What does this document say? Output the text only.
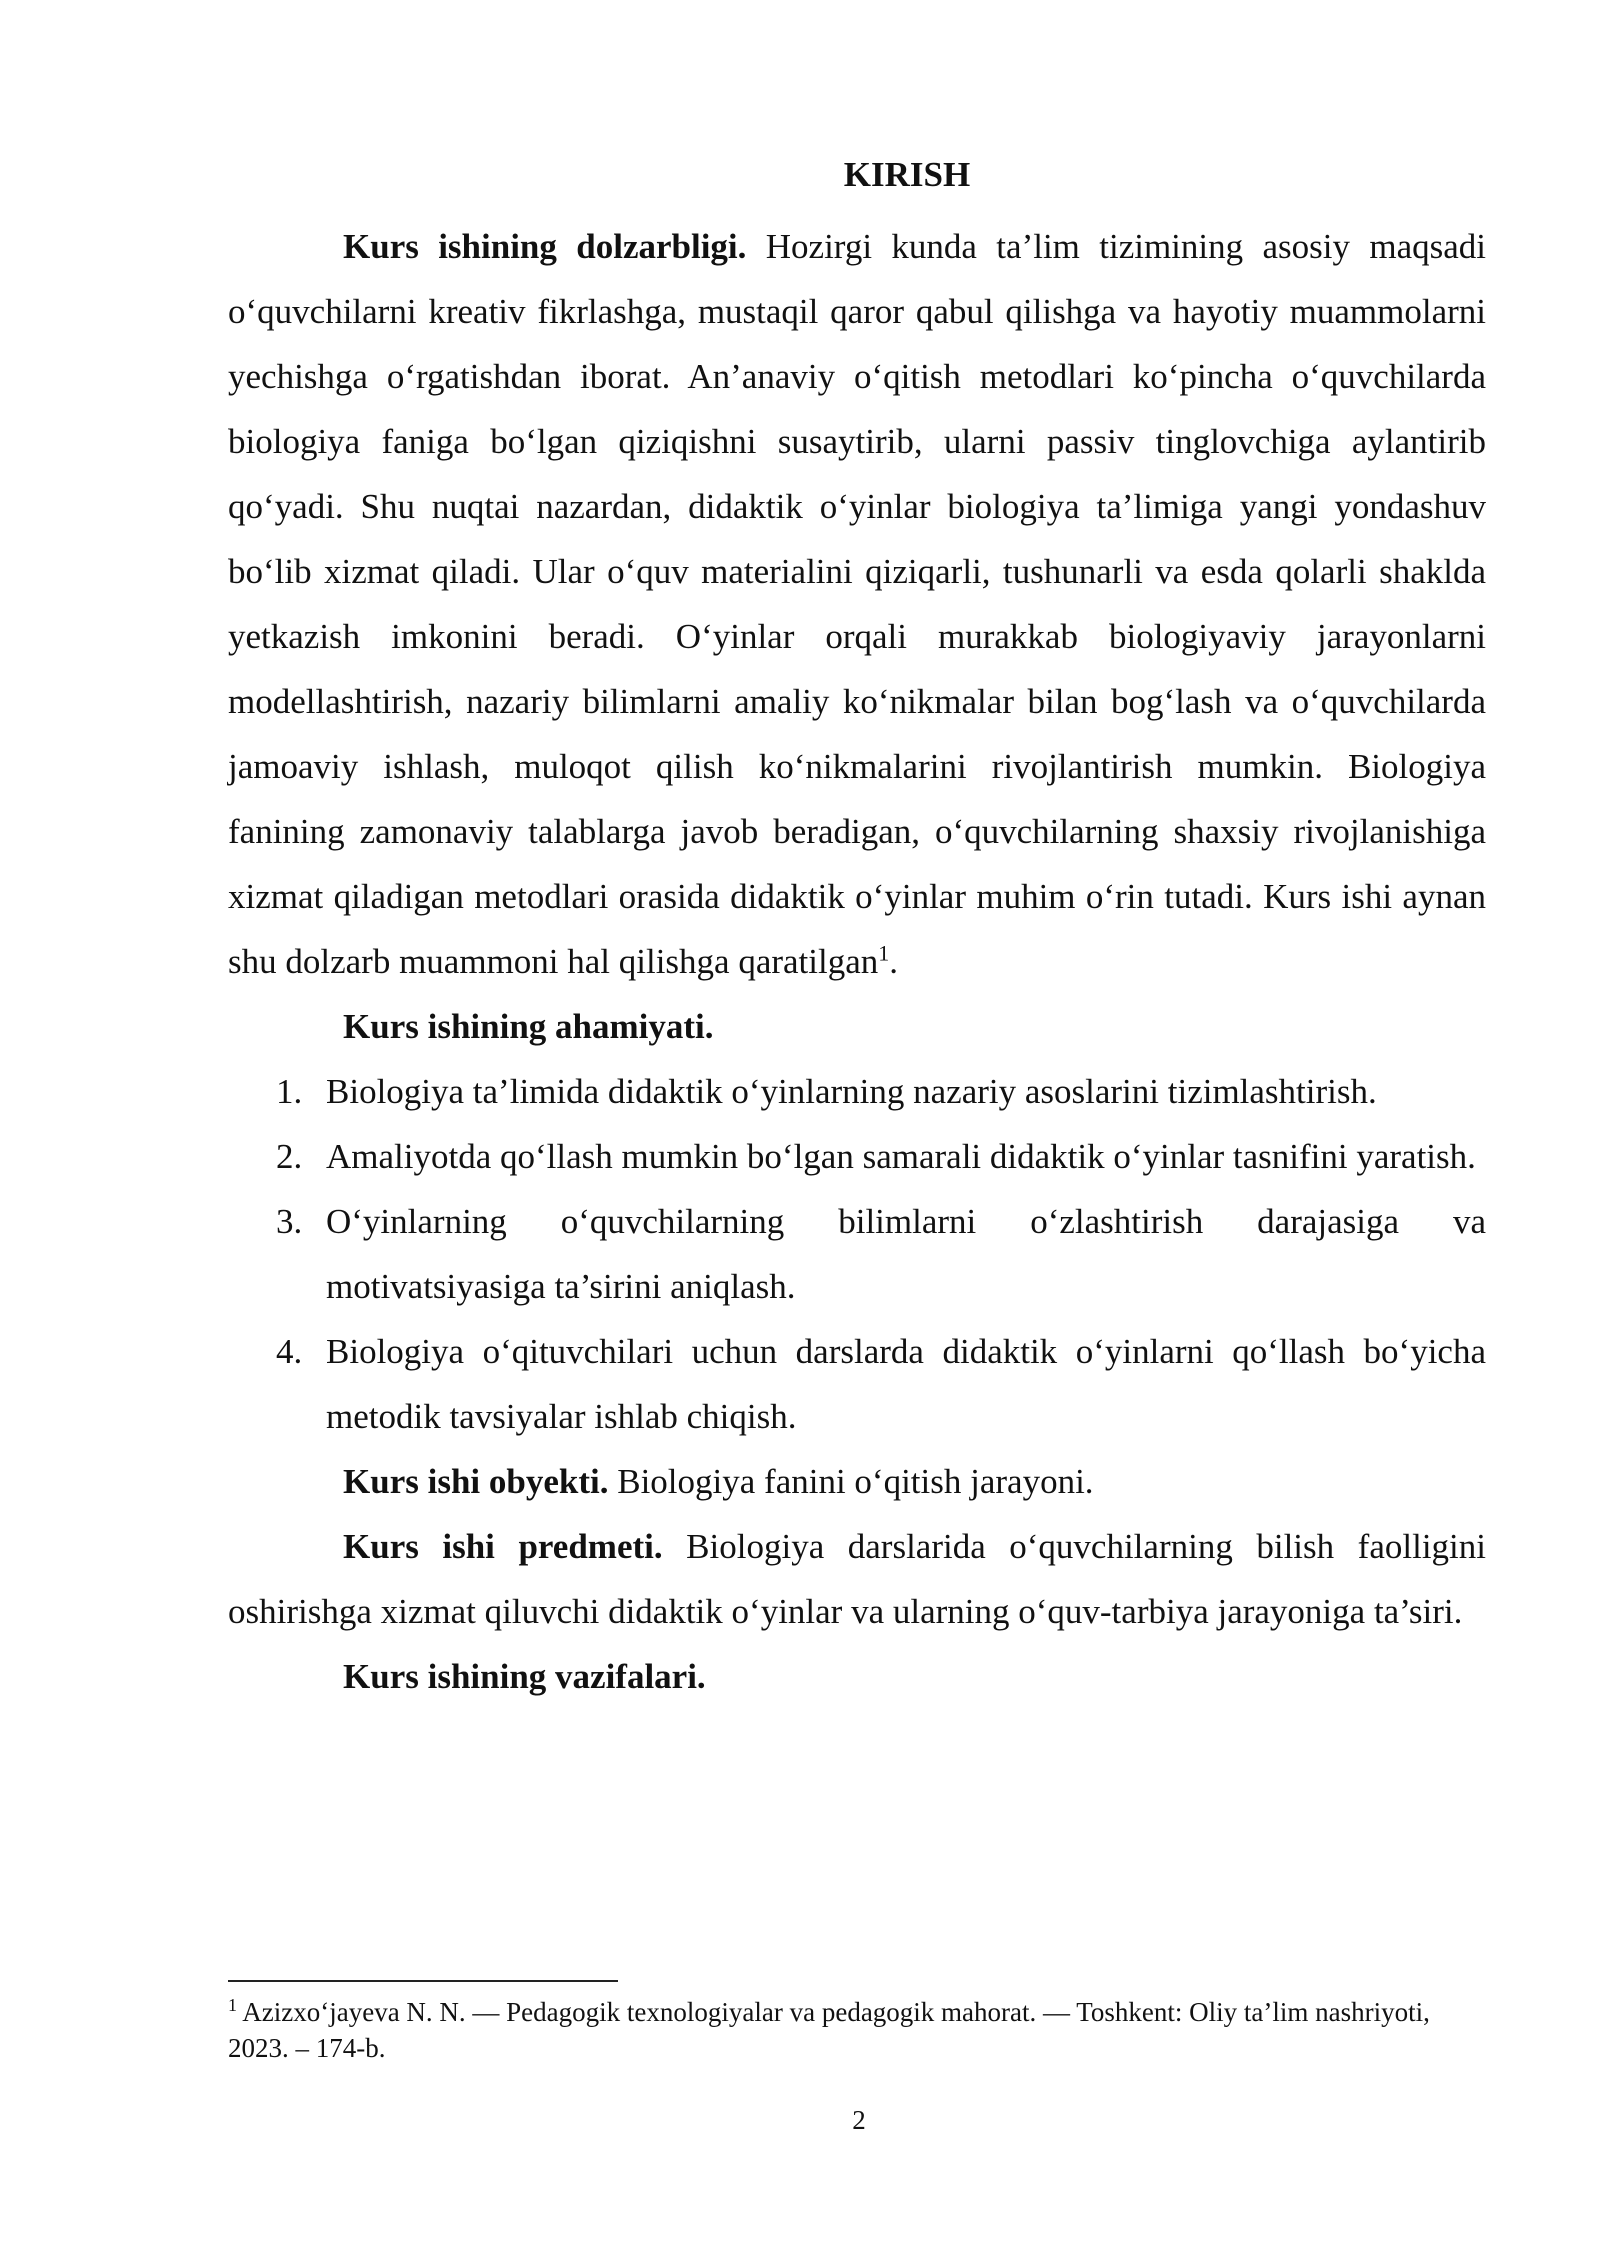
KIRISH

Kurs ishining dolzarbligi. Hozirgi kunda ta’lim tizimining asosiy maqsadi o‘quvchilarni kreativ fikrlashga, mustaqil qaror qabul qilishga va hayotiy muammolarni yechishga o‘rgatishdan iborat. An’anaviy o‘qitish metodlari ko‘pincha o‘quvchilarda biologiya faniga bo‘lgan qiziqishni susaytirib, ularni passiv tinglovchiga aylantirib qo‘yadi. Shu nuqtai nazardan, didaktik o‘yinlar biologiya ta’limiga yangi yondashuv bo‘lib xizmat qiladi. Ular o‘quv materialini qiziqarli, tushunarli va esda qolarli shaklda yetkazish imkonini beradi. O‘yinlar orqali murakkab biologiyaviy jarayonlarni modellashtirish, nazariy bilimlarni amaliy ko‘nikmalar bilan bog‘lash va o‘quvchilarda jamoaviy ishlash, muloqot qilish ko‘nikmalarini rivojlantirish mumkin. Biologiya fanining zamonaviy talablarga javob beradigan, o‘quvchilarning shaxsiy rivojlanishiga xizmat qiladigan metodlari orasida didaktik o‘yinlar muhim o‘rin tutadi. Kurs ishi aynan shu dolzarb muammoni hal qilishga qaratilgan$^1$.

Kurs ishining ahamiyati.

1. Biologiya ta’limida didaktik o‘yinlarning nazariy asoslarini tizimlashtirish.
2. Amaliyotda qo‘llash mumkin bo‘lgan samarali didaktik o‘yinlar tasnifini yaratish.
3. O‘yinlarning o‘quvchilarning bilimlarni o‘zlashtirish darajasiga va motivatsiyasiga ta’sirini aniqlash.
4. Biologiya o‘qituvchilari uchun darslarda didaktik o‘yinlarni qo‘llash bo‘yicha metodik tavsiyalar ishlab chiqish.

Kurs ishi obyekti. Biologiya fanini o‘qitish jarayoni.

Kurs ishi predmeti. Biologiya darslarida o‘quvchilarning bilish faolligini oshirishga xizmat qiluvchi didaktik o‘yinlar va ularning o‘quv-tarbiya jarayoniga ta’siri.

Kurs ishining vazifalari.

$^1$ Azizxo‘jayeva N. N. — Pedagogik texnologiyalar va pedagogik mahorat. — Toshkent: Oliy ta’lim nashriyoti, 2023. – 174-b.
2
